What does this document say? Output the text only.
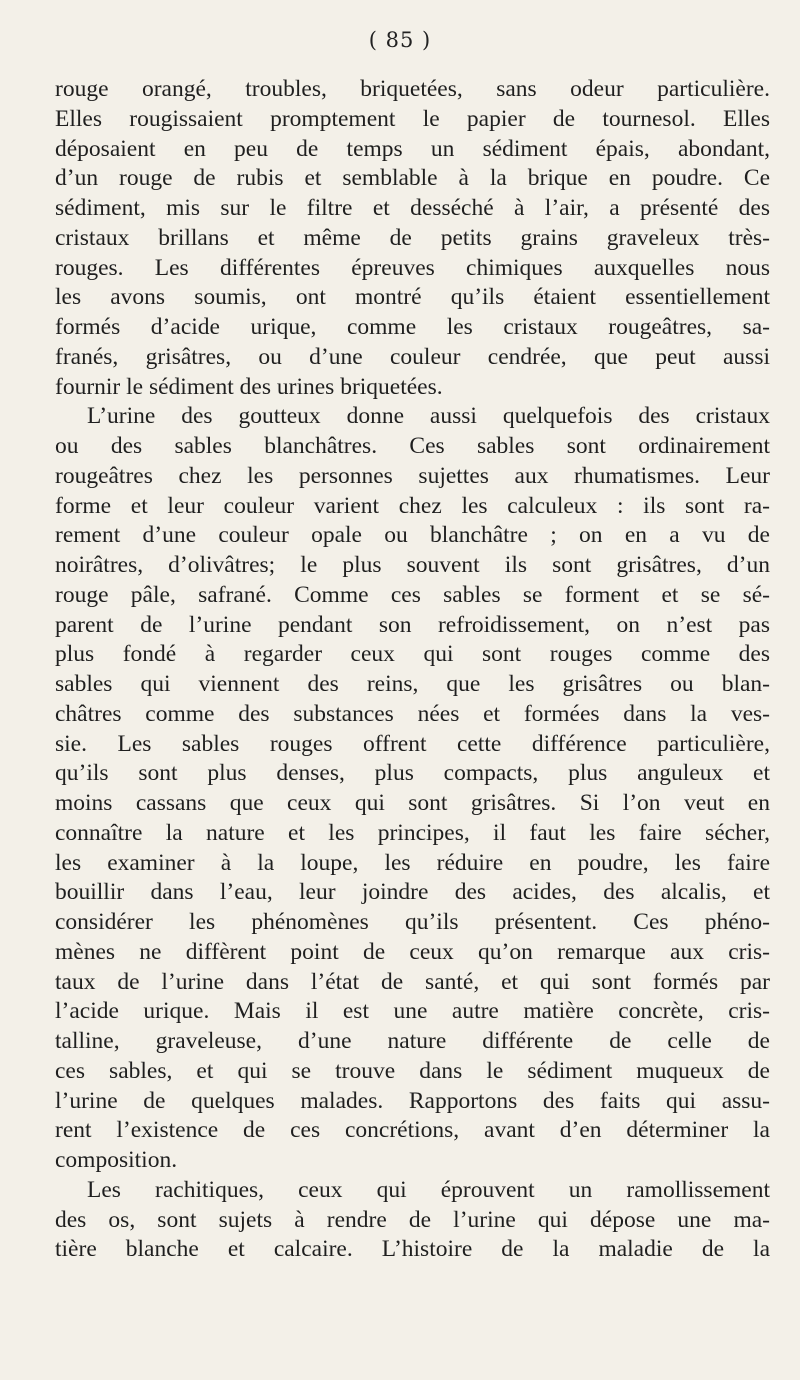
( 85 )
rouge orangé, troubles, briquetées, sans odeur particulière.
Elles rougissaient promptement le papier de tournesol. Elles
déposaient en peu de temps un sédiment épais, abondant,
d’un rouge de rubis et semblable à la brique en poudre. Ce
sédiment, mis sur le filtre et desséché à l’air, a présenté des
cristaux brillans et même de petits grains graveleux très-
rouges. Les différentes épreuves chimiques auxquelles nous
les avons soumis, ont montré qu’ils étaient essentiellement
formés d’acide urique, comme les cristaux rougeâtres, sa-
franés, grisâtres, ou d’une couleur cendrée, que peut aussi
fournir le sédiment des urines briquetées.
L’urine des goutteux donne aussi quelquefois des cristaux
ou des sables blanchâtres. Ces sables sont ordinairement
rougeâtres chez les personnes sujettes aux rhumatismes. Leur
forme et leur couleur varient chez les calculeux : ils sont ra-
rement d’une couleur opale ou blanchâtre ; on en a vu de
noirâtres, d’olivâtres; le plus souvent ils sont grisâtres, d’un
rouge pâle, safrané. Comme ces sables se forment et se sé-
parent de l’urine pendant son refroidissement, on n’est pas
plus fondé à regarder ceux qui sont rouges comme des
sables qui viennent des reins, que les grisâtres ou blan-
châtres comme des substances nées et formées dans la ves-
sie. Les sables rouges offrent cette différence particulière,
qu’ils sont plus denses, plus compacts, plus anguleux et
moins cassans que ceux qui sont grisâtres. Si l’on veut en
connaître la nature et les principes, il faut les faire sécher,
les examiner à la loupe, les réduire en poudre, les faire
bouillir dans l’eau, leur joindre des acides, des alcalis, et
considérer les phénomènes qu’ils présentent. Ces phéno-
mènes ne diffèrent point de ceux qu’on remarque aux cris-
taux de l’urine dans l’état de santé, et qui sont formés par
l’acide urique. Mais il est une autre matière concrète, cris-
talline, graveleuse, d’une nature différente de celle de
ces sables, et qui se trouve dans le sédiment muqueux de
l’urine de quelques malades. Rapportons des faits qui assu-
rent l’existence de ces concrétions, avant d’en déterminer la
composition.
Les rachitiques, ceux qui éprouvent un ramollissement
des os, sont sujets à rendre de l’urine qui dépose une ma-
tière blanche et calcaire. L’histoire de la maladie de la
